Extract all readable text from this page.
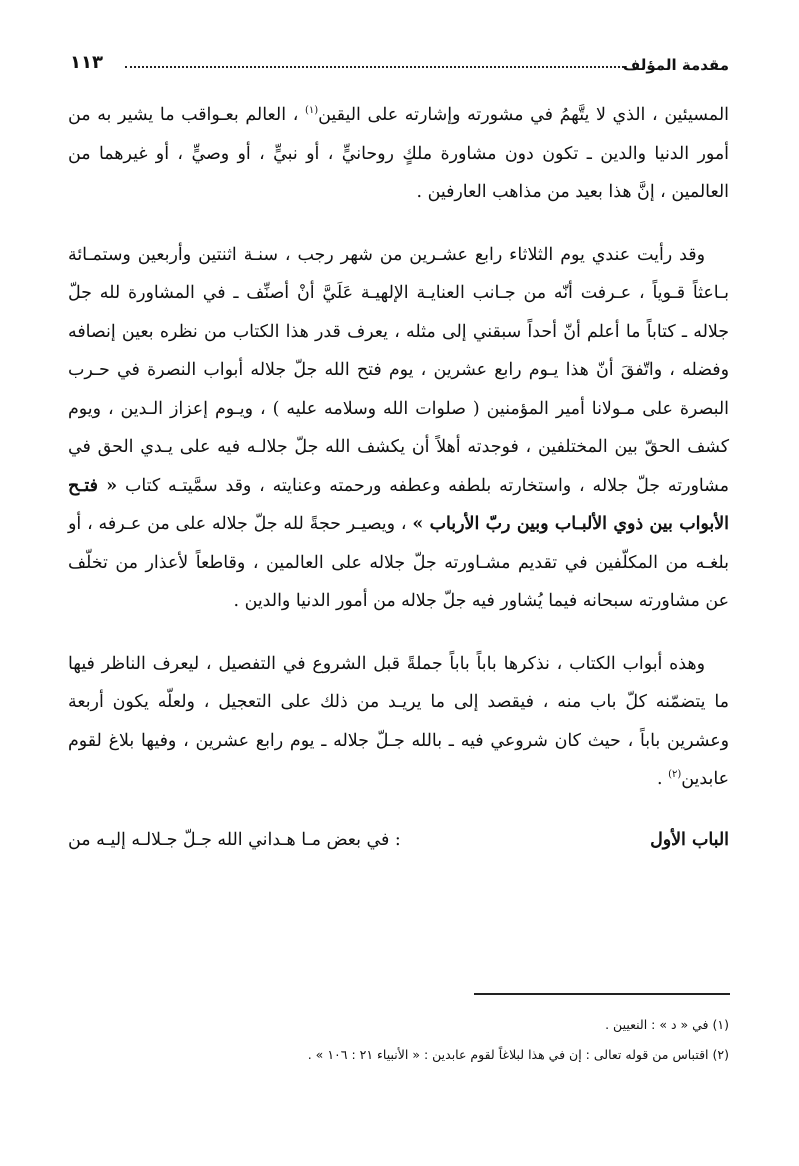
مقدمة المؤلف
١١٣

المسيئين ، الذي لا يتَّهمُ في مشورته وإشارته على اليقين$^{(١)}$ ، العالم بعـواقب ما يشير به من أمور الدنيا والدين ـ تكون دون مشاورة ملكٍ روحانيٍّ ، أو نبيٍّ ، أو وصيٍّ ، أو غيرهما من العالمين ، إنَّ هذا بعيد من مذاهب العارفين .

وقد رأيت عندي يوم الثلاثاء رابع عشـرين من شهر رجب ، سنـة اثنتين وأربعين وستمـائة بـاعثاً قـوياً ، عـرفت أنّه من جـانب العنايـة الإلهيـة عَلَيَّ أنْ أصنِّف ـ في المشاورة لله جلّ جلاله ـ كتاباً ما أعلم أنّ أحداً سبقني إلى مثله ، يعرف قدر هذا الكتاب من نظره بعين إنصافه وفضله ، واتّفقَ أنّ هذا يـوم رابع عشرين ، يوم فتح الله جلّ جلاله أبواب النصرة في حـرب البصرة على مـولانا أمير المؤمنين ( صلوات الله وسلامه عليه ) ، ويـوم إعزاز الـدين ، ويوم كشف الحقّ بين المختلفين ، فوجدته أهلاً أن يكشف الله جلّ جلالـه فيه على يـدي الحق في مشاورته جلّ جلاله ، واستخارته بلطفه وعطفه ورحمته وعنايته ، وقد سمَّيتـه كتاب « فتـح الأبواب بين ذوي الألبـاب وبين ربّ الأرباب » ، ويصيـر حجةً لله جلّ جلاله على من عـرفه ، أو بلغـه من المكلّفين في تقديم مشـاورته جلّ جلاله على العالمين ، وقاطعاً لأعذار من تخلّف عن مشاورته سبحانه فيما يُشاور فيه جلّ جلاله من أمور الدنيا والدين .

وهذه أبواب الكتاب ، نذكرها باباً باباً جملةً قبل الشروع في التفصيل ، ليعرف الناظر فيها ما يتضمّنه كلّ باب منه ، فيقصد إلى ما يريـد من ذلك على التعجيل ، ولعلّه يكون أربعة وعشرين باباً ، حيث كان شروعي فيه ـ بالله جـلّ جلاله ـ يوم رابع عشرين ، وفيها بلاغ لقوم عابدين$^{(٢)}$ .

الباب الأول
: في بعض مـا هـداني الله جـلّ جـلالـه إليـه من
(١) في « د » : النعيين .
(٢) اقتباس من قوله تعالى : إن في هذا لبلاغاً لقوم عابدين : « الأنبياء ٢١ : ١٠٦ » .
